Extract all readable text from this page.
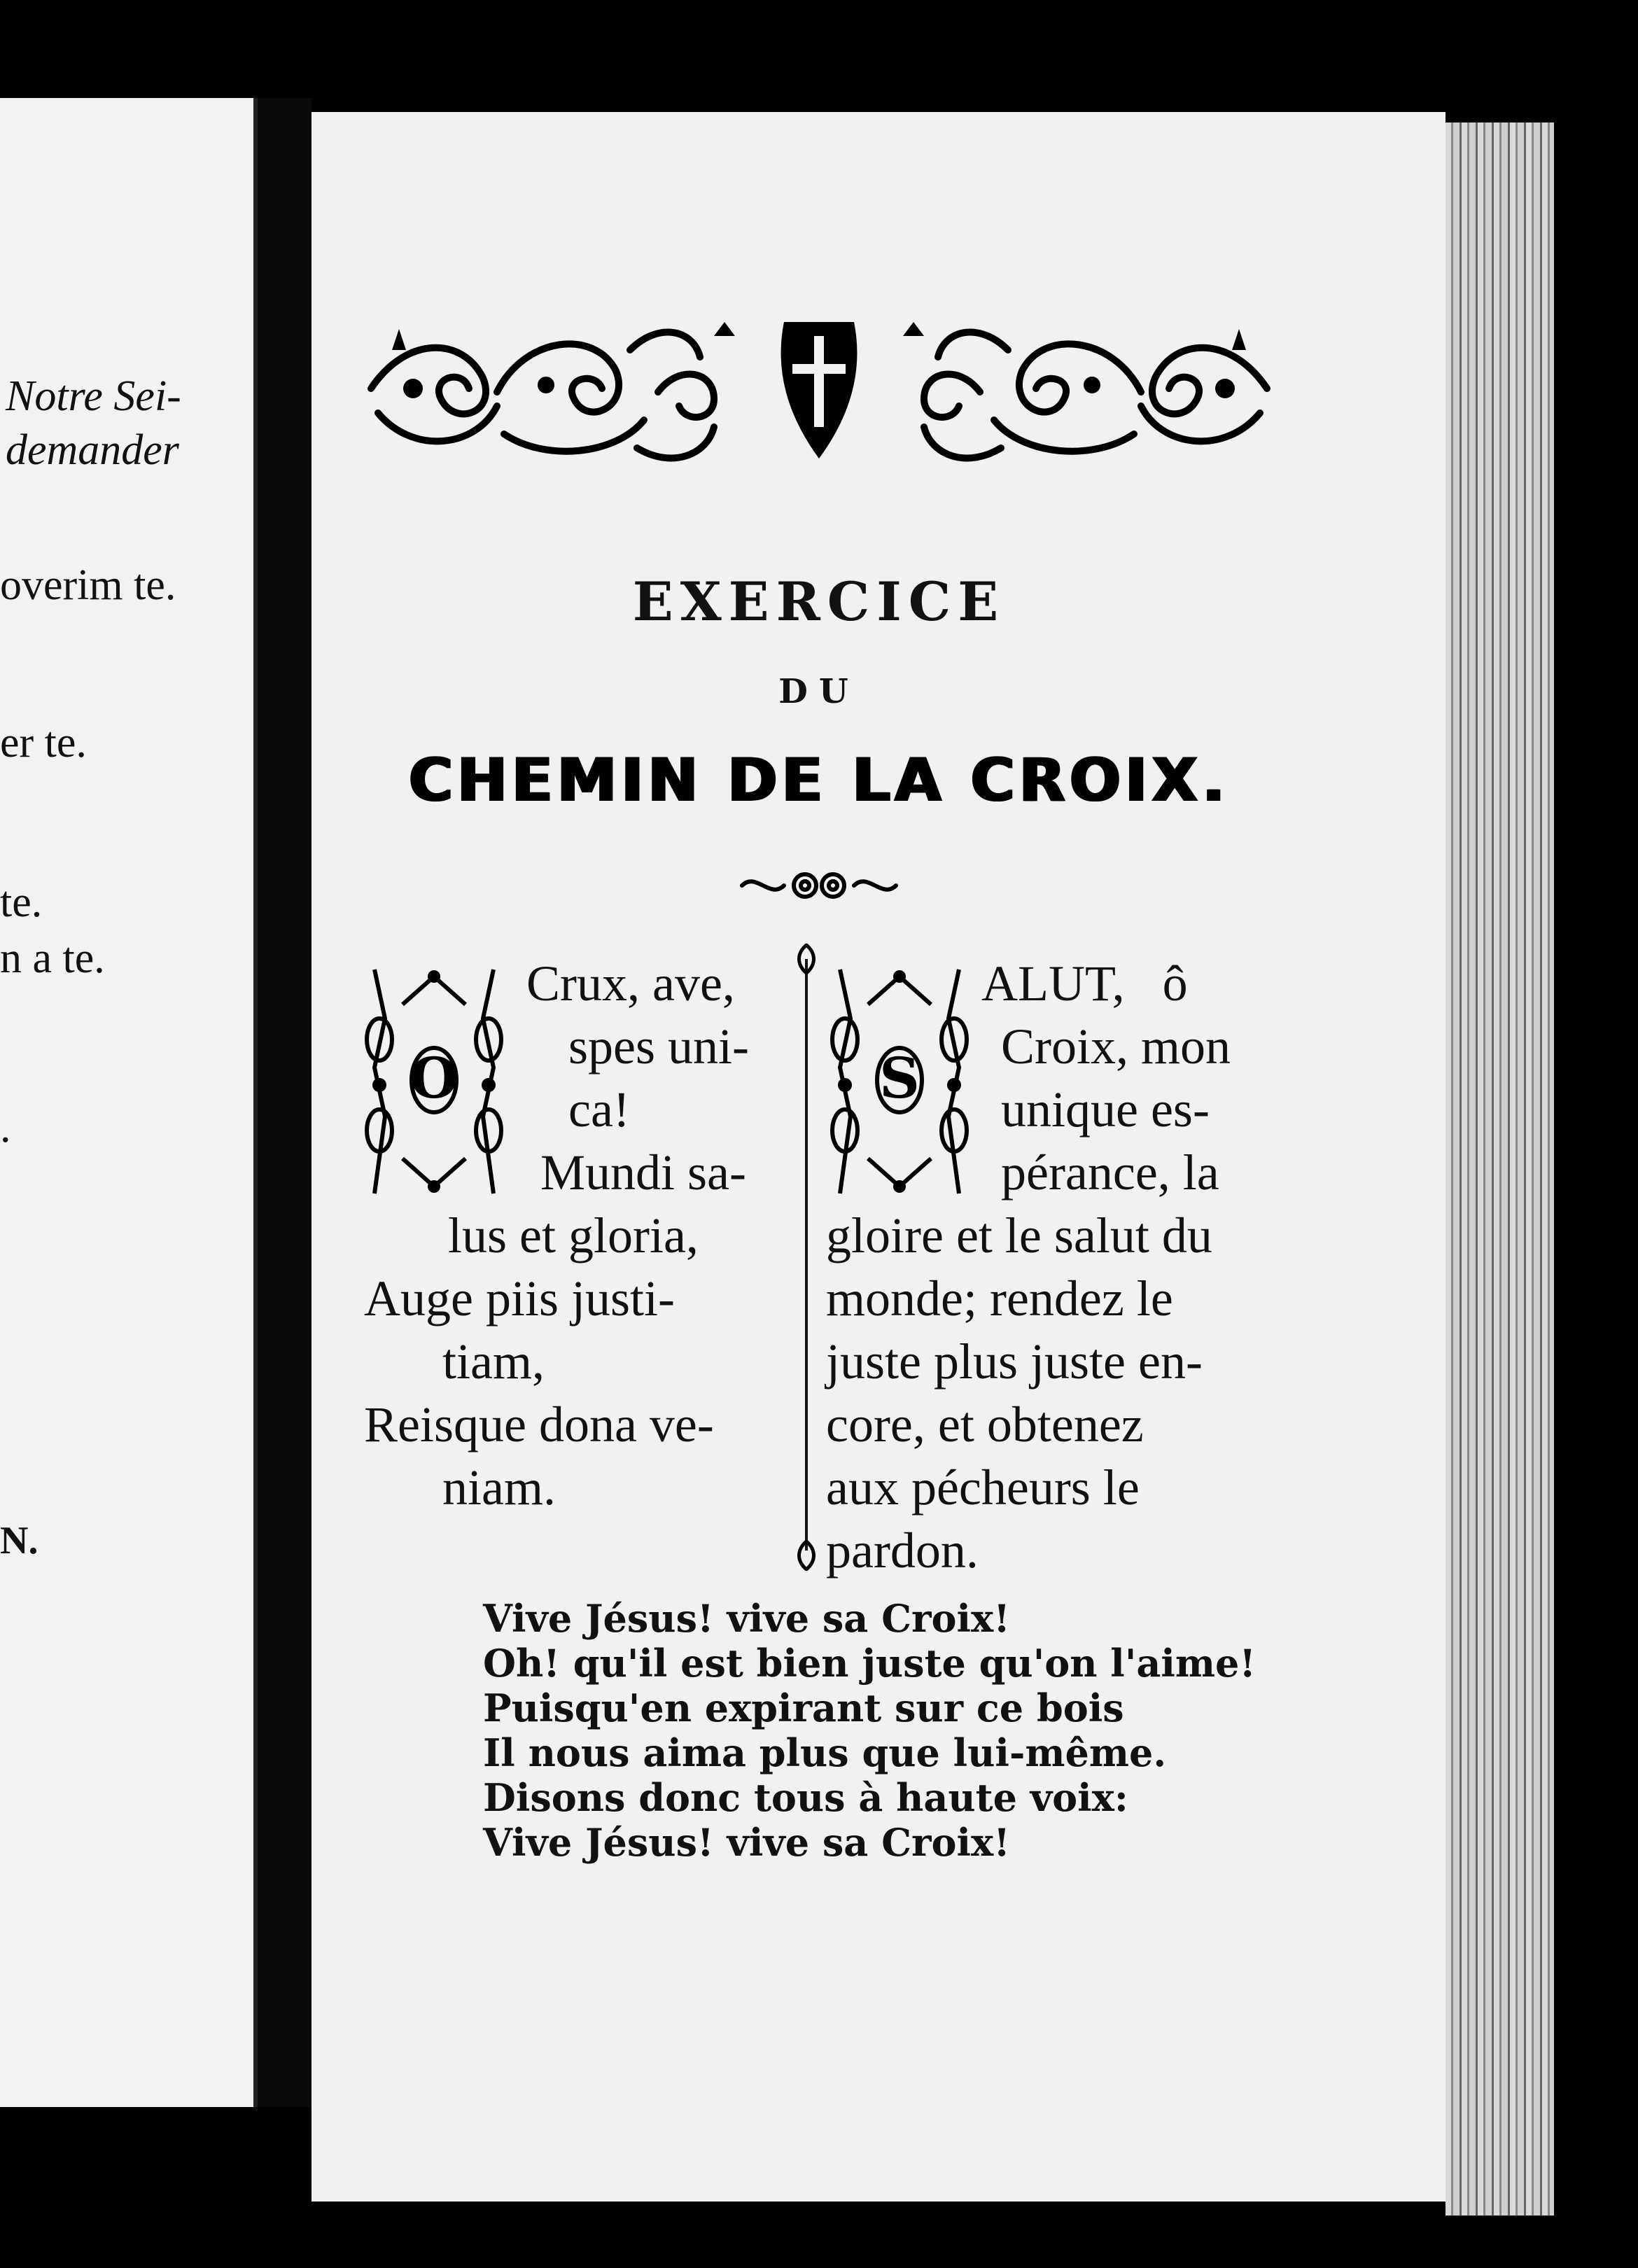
Notre Sei-
demander
overim te.
er te.
te.
n a te.
.
N.
EXERCICE
DU
CHEMIN DE LA CROIX.
O
Crux, ave,
spes uni-
ca!
Mundi sa-
lus et gloria,
Auge piis justi-
tiam,
Reisque dona ve-
niam.
S
ALUT,   ô
Croix, mon
unique es-
pérance, la
gloire et le salut du
monde; rendez le
juste plus juste en-
core, et obtenez
aux pécheurs le
pardon.
Vive Jésus! vive sa Croix!
Oh! qu'il est bien juste qu'on l'aime!
Puisqu'en expirant sur ce bois
Il nous aima plus que lui-même.
Disons donc tous à haute voix:
Vive Jésus! vive sa Croix!
